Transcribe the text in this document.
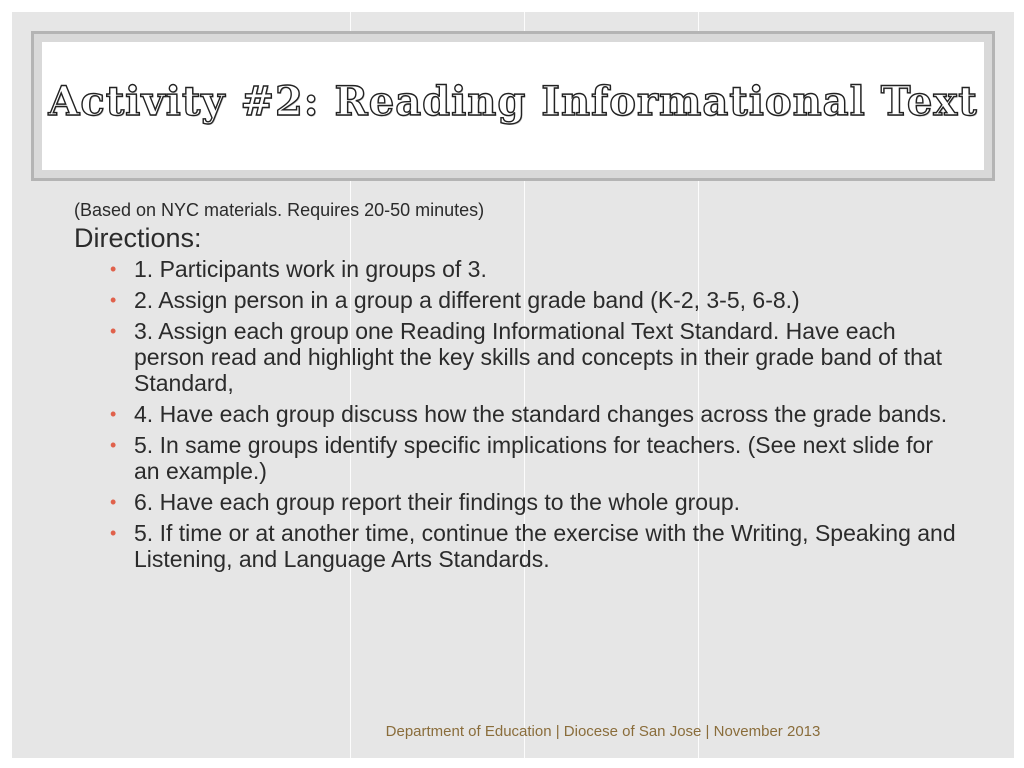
Activity #2: Reading Informational Text

(Based on NYC materials. Requires 20-50 minutes)

Directions:

• 1. Participants work in groups of 3.
• 2. Assign person in a group a different grade band (K-2, 3-5, 6-8.)
• 3. Assign each group one Reading Informational Text Standard. Have each person read and highlight the key skills and concepts in their grade band of that Standard,
• 4. Have each group discuss how the standard changes across the grade bands.
• 5. In same groups identify specific implications for teachers. (See next slide for an example.)
• 6. Have each group report their findings to the whole group.
• 5. If time or at another time, continue the exercise with the Writing, Speaking and Listening, and Language Arts Standards.
Department of Education | Diocese of San Jose | November 2013
